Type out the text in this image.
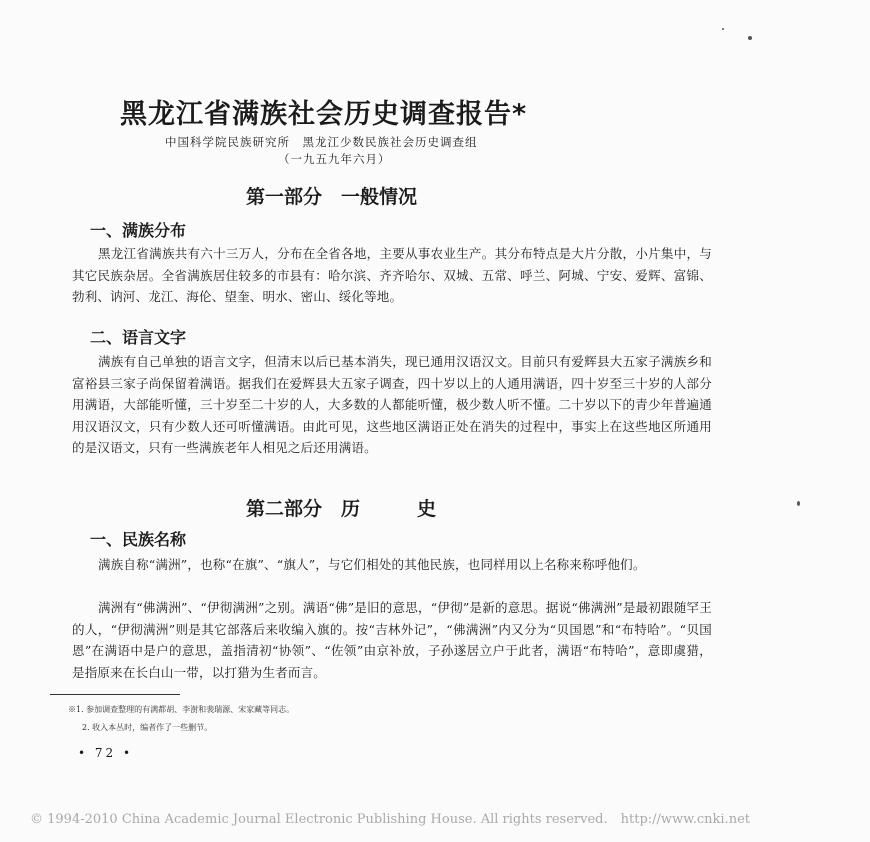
黑龙江省满族社会历史调查报告*
中国科学院民族研究所　黑龙江少数民族社会历史调查组
（一九五九年六月）
第一部分　一般情况
一、满族分布
黑龙江省满族共有六十三万人，分布在全省各地，主要从事农业生产。其分布特点是大片分散，小片集中，与其它民族杂居。全省满族居住较多的市县有：哈尔滨、齐齐哈尔、双城、五常、呼兰、阿城、宁安、爱辉、富锦、勃利、讷河、龙江、海伦、望奎、明水、密山、绥化等地。
二、语言文字
满族有自己单独的语言文字，但清末以后已基本消失，现已通用汉语汉文。目前只有爱辉县大五家子满族乡和富裕县三家子尚保留着满语。据我们在爱辉县大五家子调查，四十岁以上的人通用满语，四十岁至三十岁的人部分用满语，大部能听懂，三十岁至二十岁的人，大多数的人都能听懂，极少数人听不懂。二十岁以下的青少年普遍通用汉语汉文，只有少数人还可听懂满语。由此可见，这些地区满语正处在消失的过程中，事实上在这些地区所通用的是汉语文，只有一些满族老年人相见之后还用满语。
第二部分　历　　　史
一、民族名称
满族自称“满洲”，也称“在旗”、“旗人”，与它们相处的其他民族，也同样用以上名称来称呼他们。
满洲有“佛满洲”、“伊彻满洲”之别。满语“佛”是旧的意思，“伊彻”是新的意思。据说“佛满洲”是最初跟随罕王的人，“伊彻满洲”则是其它部落后来收编入旗的。按“吉林外记”，“佛满洲”内又分为“贝国恩”和“布特哈”。“贝国恩”在满语中是户的意思，盖指清初“协领”、“佐领”由京补放，子孙遂居立户于此者，满语“布特哈”，意即虞猎，是指原来在长白山一带，以打猎为生者而言。
※1. 参加调查整理的有满都胡、李澍和裴瑞源、宋家藏等同志。
2. 收入本丛时，编者作了一些删节。
• 72 •
© 1994-2010 China Academic Journal Electronic Publishing House. All rights reserved.　http://www.cnki.net
